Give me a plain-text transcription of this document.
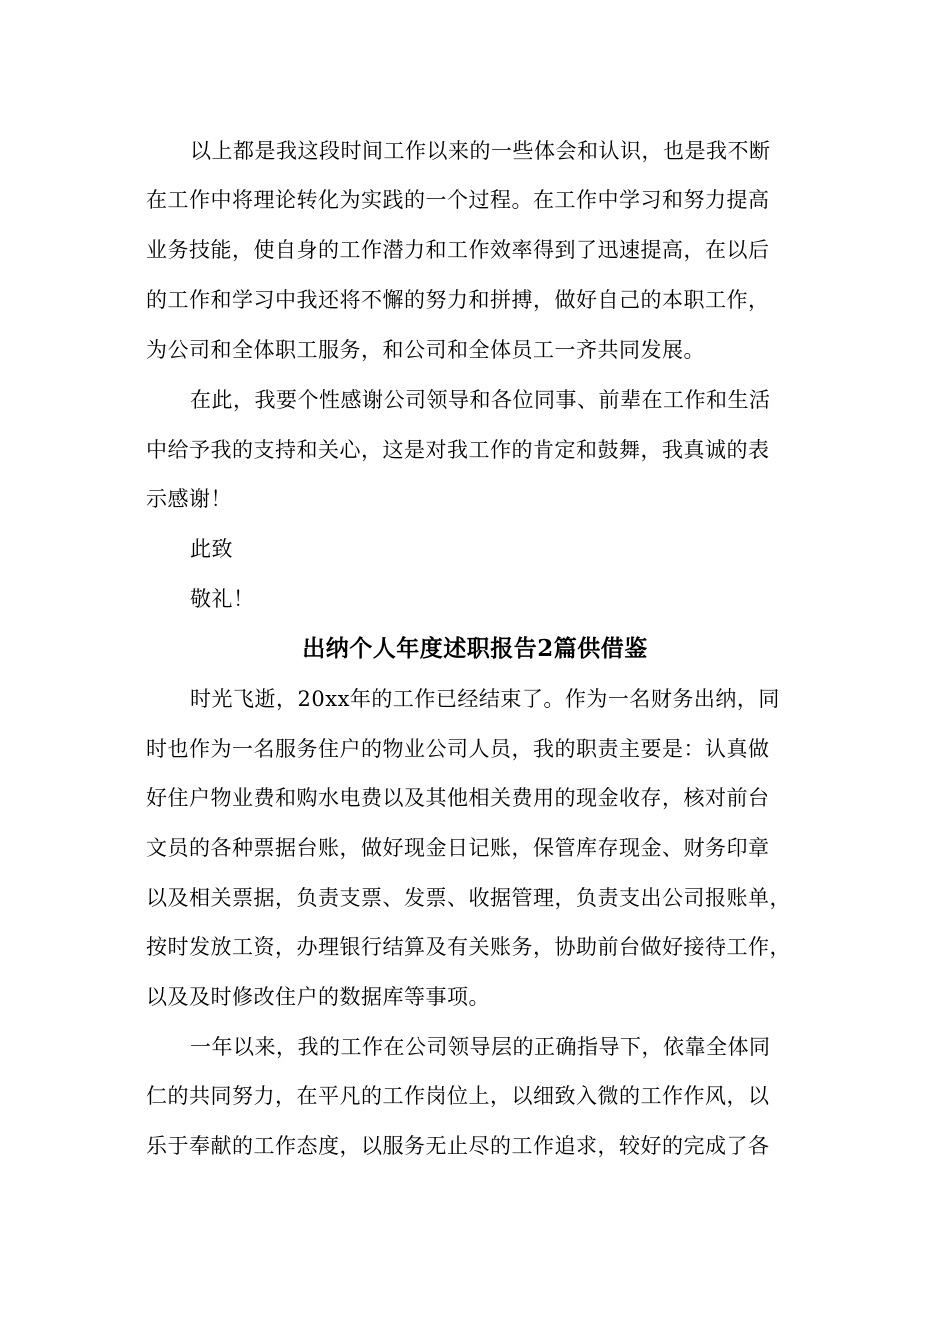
以上都是我这段时间工作以来的一些体会和认识，也是我不断
在工作中将理论转化为实践的一个过程。在工作中学习和努力提高
业务技能，使自身的工作潜力和工作效率得到了迅速提高，在以后
的工作和学习中我还将不懈的努力和拼搏，做好自己的本职工作，
为公司和全体职工服务，和公司和全体员工一齐共同发展。
在此，我要个性感谢公司领导和各位同事、前辈在工作和生活
中给予我的支持和关心，这是对我工作的肯定和鼓舞，我真诚的表
示感谢！
此致
敬礼！
出纳个人年度述职报告2篇供借鉴
时光飞逝，20xx年的工作已经结束了。作为一名财务出纳，同
时也作为一名服务住户的物业公司人员，我的职责主要是：认真做
好住户物业费和购水电费以及其他相关费用的现金收存，核对前台
文员的各种票据台账，做好现金日记账，保管库存现金、财务印章
以及相关票据，负责支票、发票、收据管理，负责支出公司报账单，
按时发放工资，办理银行结算及有关账务，协助前台做好接待工作，
以及及时修改住户的数据库等事项。
一年以来，我的工作在公司领导层的正确指导下，依靠全体同
仁的共同努力，在平凡的工作岗位上，以细致入微的工作作风，以
乐于奉献的工作态度，以服务无止尽的工作追求，较好的完成了各
